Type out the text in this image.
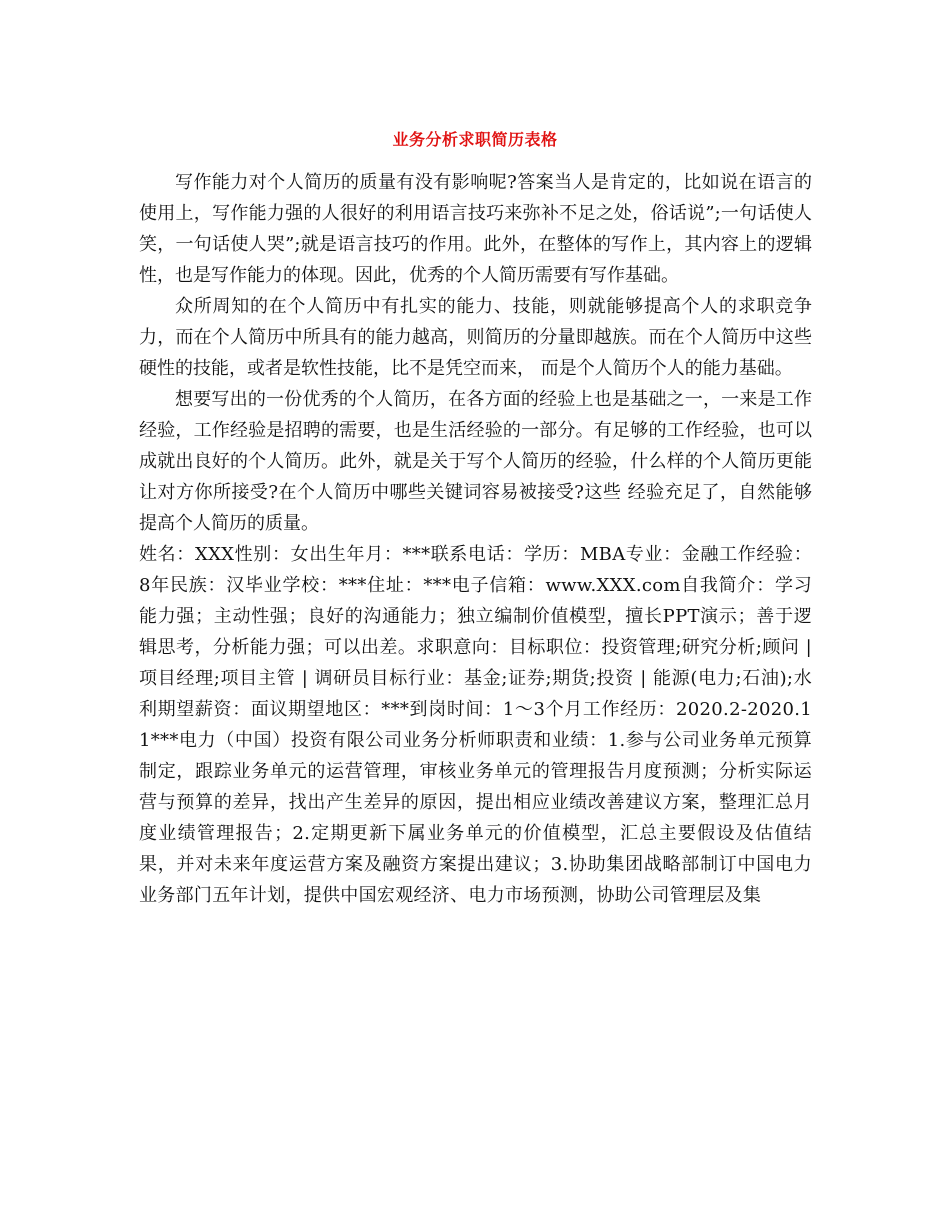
业务分析求职简历表格

写作能力对个人简历的质量有没有影响呢?答案当人是肯定的，比如说在语言的使用上，写作能力强的人很好的利用语言技巧来弥补不足之处，俗话说”;一句话使人笑，一句话使人哭”;就是语言技巧的作用。此外，在整体的写作上，其内容上的逻辑性，也是写作能力的体现。因此，优秀的个人简历需要有写作基础。

众所周知的在个人简历中有扎实的能力、技能，则就能够提高个人的求职竞争力，而在个人简历中所具有的能力越高，则简历的分量即越族。而在个人简历中这些硬性的技能，或者是软性技能，比不是凭空而来， 而是个人简历个人的能力基础。

想要写出的一份优秀的个人简历，在各方面的经验上也是基础之一，一来是工作经验，工作经验是招聘的需要，也是生活经验的一部分。有足够的工作经验，也可以成就出良好的个人简历。此外，就是关于写个人简历的经验，什么样的个人简历更能让对方你所接受?在个人简历中哪些关键词容易被接受?这些 经验充足了，自然能够提高个人简历的质量。

姓名：XXX性别：女出生年月：***联系电话：学历：MBA专业：金融工作经验：8年民族：汉毕业学校：***住址：***电子信箱：www.XXX.com自我简介：学习能力强；主动性强；良好的沟通能力；独立编制价值模型，擅长PPT演示；善于逻辑思考，分析能力强；可以出差。求职意向：目标职位：投资管理;研究分析;顾问 | 项目经理;项目主管 | 调研员目标行业：基金;证券;期货;投资 | 能源(电力;石油);水利期望薪资：面议期望地区：***到岗时间：1～3个月工作经历：2020.2-2020.11***电力（中国）投资有限公司业务分析师职责和业绩：1.参与公司业务单元预算制定，跟踪业务单元的运营管理，审核业务单元的管理报告月度预测；分析实际运营与预算的差异，找出产生差异的原因，提出相应业绩改善建议方案，整理汇总月度业绩管理报告；2.定期更新下属业务单元的价值模型，汇总主要假设及估值结果，并对未来年度运营方案及融资方案提出建议；3.协助集团战略部制订中国电力业务部门五年计划，提供中国宏观经济、电力市场预测，协助公司管理层及集
